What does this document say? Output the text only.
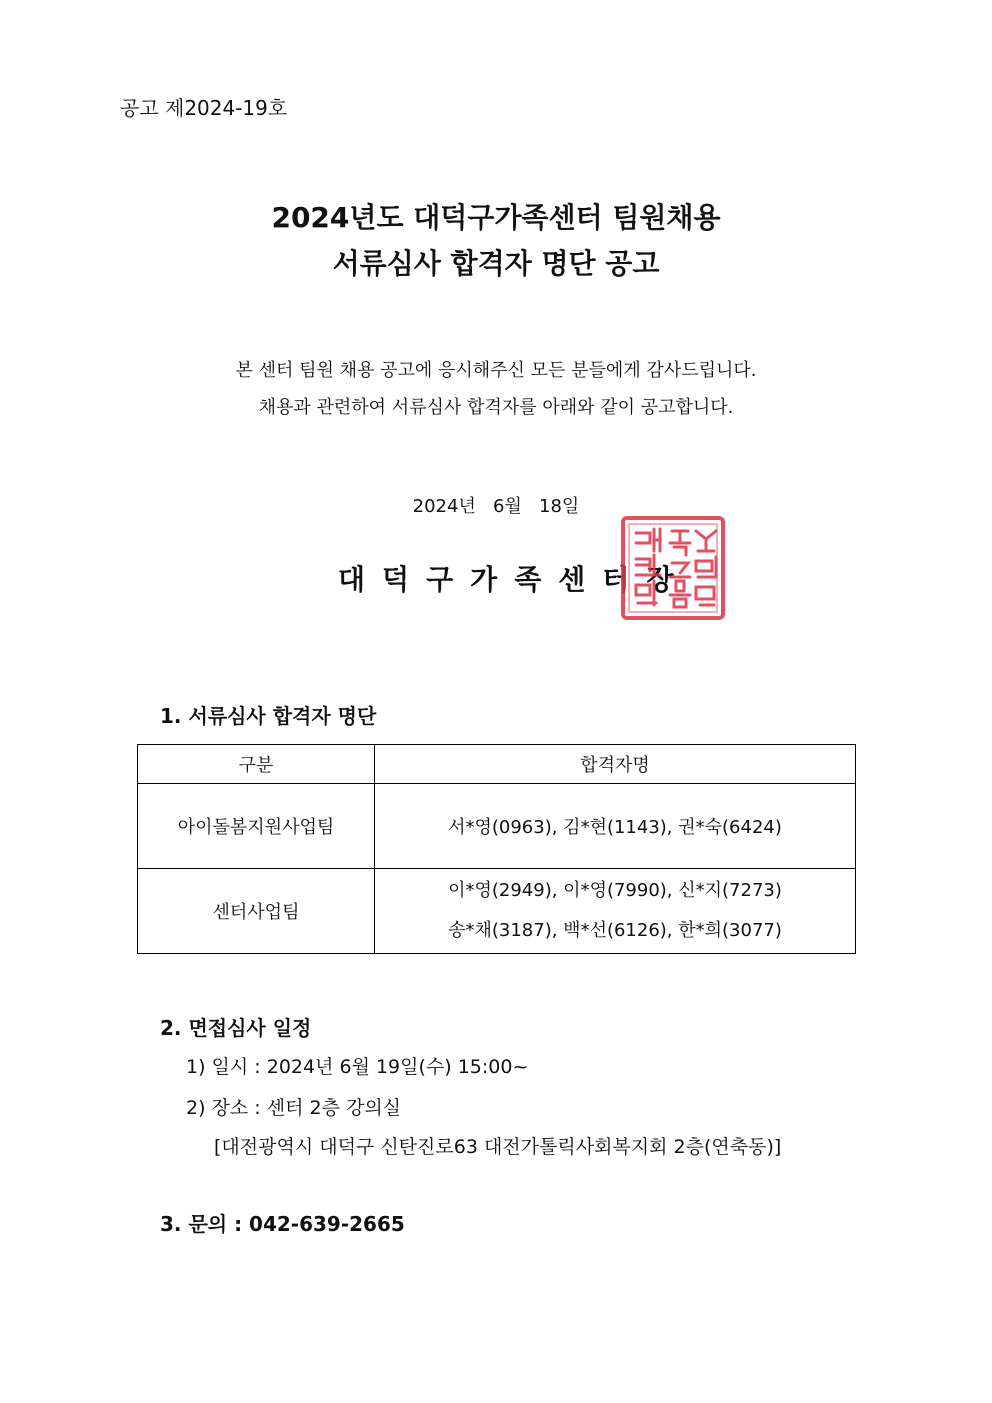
공고 제2024-19호
2024년도 대덕구가족센터 팀원채용
서류심사 합격자 명단 공고
본 센터 팀원 채용 공고에 응시해주신 모든 분들에게 감사드립니다.
채용과 관련하여 서류심사 합격자를 아래와 같이 공고합니다.
2024년   6월   18일
대덕구가족센터장
1. 서류심사 합격자 명단
구분	합격자명
아이돌봄지원사업팀	서*영(0963), 김*현(1143), 권*숙(6424)
센터사업팀	이*영(2949), 이*영(7990), 신*지(7273)
송*채(3187), 백*선(6126), 한*희(3077)
2. 면접심사 일정
1) 일시 : 2024년 6월 19일(수) 15:00~
2) 장소 : 센터 2층 강의실
[대전광역시 대덕구 신탄진로63 대전가톨릭사회복지회 2층(연축동)]
3. 문의 : 042-639-2665
